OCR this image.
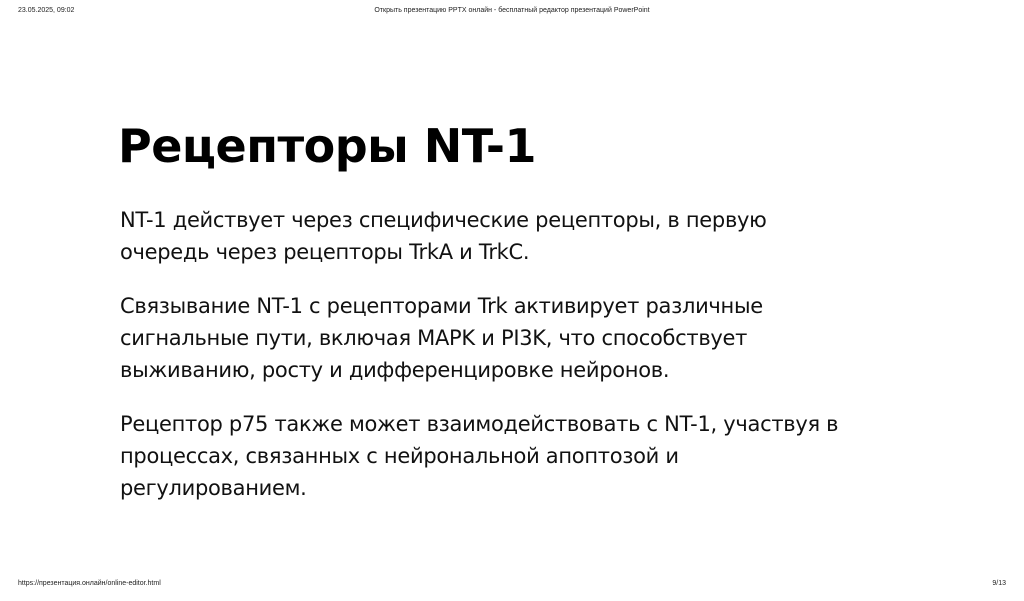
23.05.2025, 09:02	Открыть презентацию PPTX онлайн - бесплатный редактор презентаций PowerPoint
Рецепторы NT-1

NT-1 действует через специфические рецепторы, в первую очередь через рецепторы TrkA и TrkC.

Связывание NT-1 с рецепторами Trk активирует различные сигнальные пути, включая MAPK и PI3K, что способствует выживанию, росту и дифференцировке нейронов.

Рецептор p75 также может взаимодействовать с NT-1, участвуя в процессах, связанных с нейрональной апоптозой и регулированием.

https://презентация.онлайн/online-editor.html	9/13
